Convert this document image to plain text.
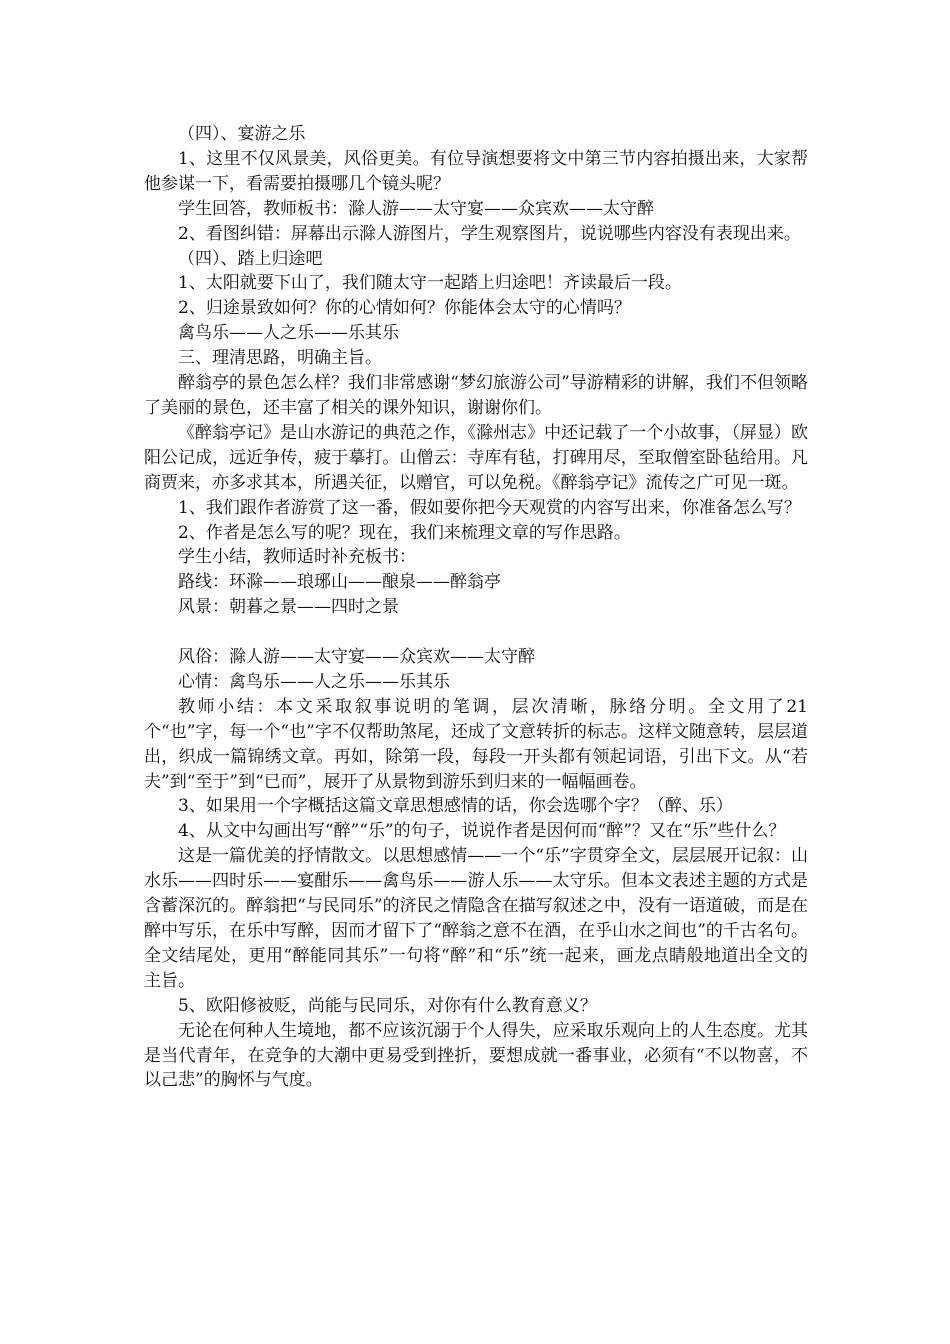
（四）、宴游之乐

1、这里不仅风景美，风俗更美。有位导演想要将文中第三节内容拍摄出来，大家帮他参谋一下，看需要拍摄哪几个镜头呢？

学生回答，教师板书：滁人游——太守宴——众宾欢——太守醉

2、看图纠错：屏幕出示滁人游图片，学生观察图片，说说哪些内容没有表现出来。

（四）、踏上归途吧

1、太阳就要下山了，我们随太守一起踏上归途吧！齐读最后一段。

2、归途景致如何？你的心情如何？你能体会太守的心情吗？

禽鸟乐——人之乐——乐其乐

三、理清思路，明确主旨。

醉翁亭的景色怎么样？我们非常感谢“梦幻旅游公司”导游精彩的讲解，我们不但领略了美丽的景色，还丰富了相关的课外知识，谢谢你们。

《醉翁亭记》是山水游记的典范之作，《滁州志》中还记载了一个小故事，（屏显）欧阳公记成，远近争传，疲于摹打。山僧云：寺库有毡，打碑用尽，至取僧室卧毡给用。凡商贾来，亦多求其本，所遇关征，以赠官，可以免税。《醉翁亭记》流传之广可见一斑。

1、我们跟作者游赏了这一番，假如要你把今天观赏的内容写出来，你准备怎么写？

2、作者是怎么写的呢？现在，我们来梳理文章的写作思路。

学生小结，教师适时补充板书：

路线：环滁——琅琊山——酿泉——醉翁亭

风景：朝暮之景——四时之景

风俗：滁人游——太守宴——众宾欢——太守醉

心情：禽鸟乐——人之乐——乐其乐

教师小结：本文采取叙事说明的笔调，层次清晰，脉络分明。全文用了21个“也”字，每一个“也”字不仅帮助煞尾，还成了文意转折的标志。这样文随意转，层层道出，织成一篇锦绣文章。再如，除第一段，每段一开头都有领起词语，引出下文。从“若夫”到“至于”到“已而”，展开了从景物到游乐到归来的一幅幅画卷。

3、如果用一个字概括这篇文章思想感情的话，你会选哪个字？（醉、乐）

4、从文中勾画出写“醉”“乐”的句子，说说作者是因何而“醉”？又在“乐”些什么？

这是一篇优美的抒情散文。以思想感情——一个“乐”字贯穿全文，层层展开记叙：山水乐——四时乐——宴酣乐——禽鸟乐——游人乐——太守乐。但本文表述主题的方式是含蓄深沉的。醉翁把“与民同乐”的济民之情隐含在描写叙述之中，没有一语道破，而是在醉中写乐，在乐中写醉，因而才留下了“醉翁之意不在酒，在乎山水之间也”的千古名句。全文结尾处，更用“醉能同其乐”一句将“醉”和“乐”统一起来，画龙点睛般地道出全文的主旨。

5、欧阳修被贬，尚能与民同乐，对你有什么教育意义？

无论在何种人生境地，都不应该沉溺于个人得失，应采取乐观向上的人生态度。尤其是当代青年，在竞争的大潮中更易受到挫折，要想成就一番事业，必须有“不以物喜，不以己悲”的胸怀与气度。
